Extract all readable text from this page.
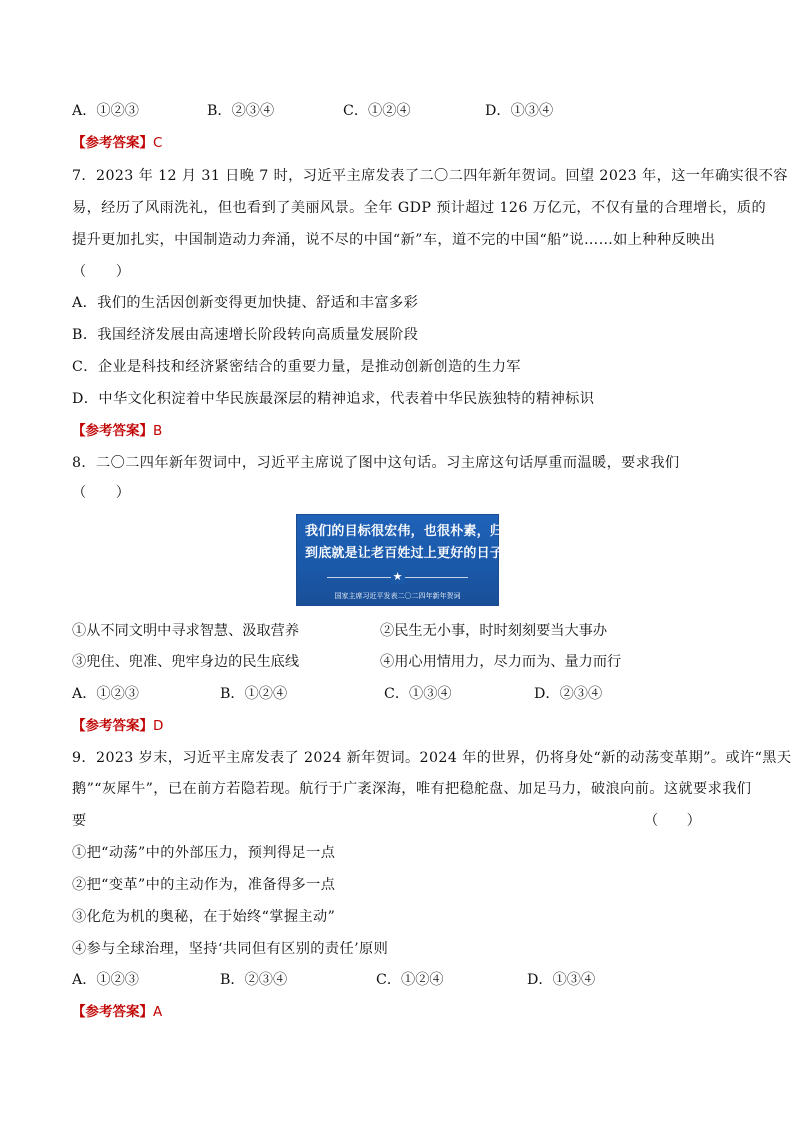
A．①②③	B．②③④	C．①②④	D．①③④
【参考答案】C
7．2023 年 12 月 31 日晚 7 时，习近平主席发表了二〇二四年新年贺词。回望 2023 年，这一年确实很不容
易，经历了风雨洗礼，但也看到了美丽风景。全年 GDP 预计超过 126 万亿元，不仅有量的合理增长，质的
提升更加扎实，中国制造动力奔涌，说不尽的中国“新”车，道不完的中国“船”说……如上种种反映出
（　　）
A．我们的生活因创新变得更加快捷、舒适和丰富多彩
B．我国经济发展由高速增长阶段转向高质量发展阶段
C．企业是科技和经济紧密结合的重要力量，是推动创新创造的生力军
D．中华文化积淀着中华民族最深层的精神追求，代表着中华民族独特的精神标识
【参考答案】B
8．二〇二四年新年贺词中，习近平主席说了图中这句话。习主席这句话厚重而温暖，要求我们
（　　）
我们的目标很宏伟，也很朴素，归根
到底就是让老百姓过上更好的日子。
★
国家主席习近平发表二〇二四年新年贺词
①从不同文明中寻求智慧、汲取营养	②民生无小事，时时刻刻要当大事办
③兜住、兜准、兜牢身边的民生底线	④用心用情用力，尽力而为、量力而行
A．①②③	B．①②④	C．①③④	D．②③④
【参考答案】D
9．2023 岁末，习近平主席发表了 2024 新年贺词。2024 年的世界，仍将身处“新的动荡变革期”。或许“黑天
鹅”“灰犀牛”，已在前方若隐若现。航行于广袤深海，唯有把稳舵盘、加足马力，破浪向前。这就要求我们
要	（　　）
①把“动荡”中的外部压力，预判得足一点
②把“变革”中的主动作为，准备得多一点
③化危为机的奥秘，在于始终“掌握主动”
④参与全球治理，坚持‘共同但有区别的责任’原则
A．①②③	B．②③④	C．①②④	D．①③④
【参考答案】A
